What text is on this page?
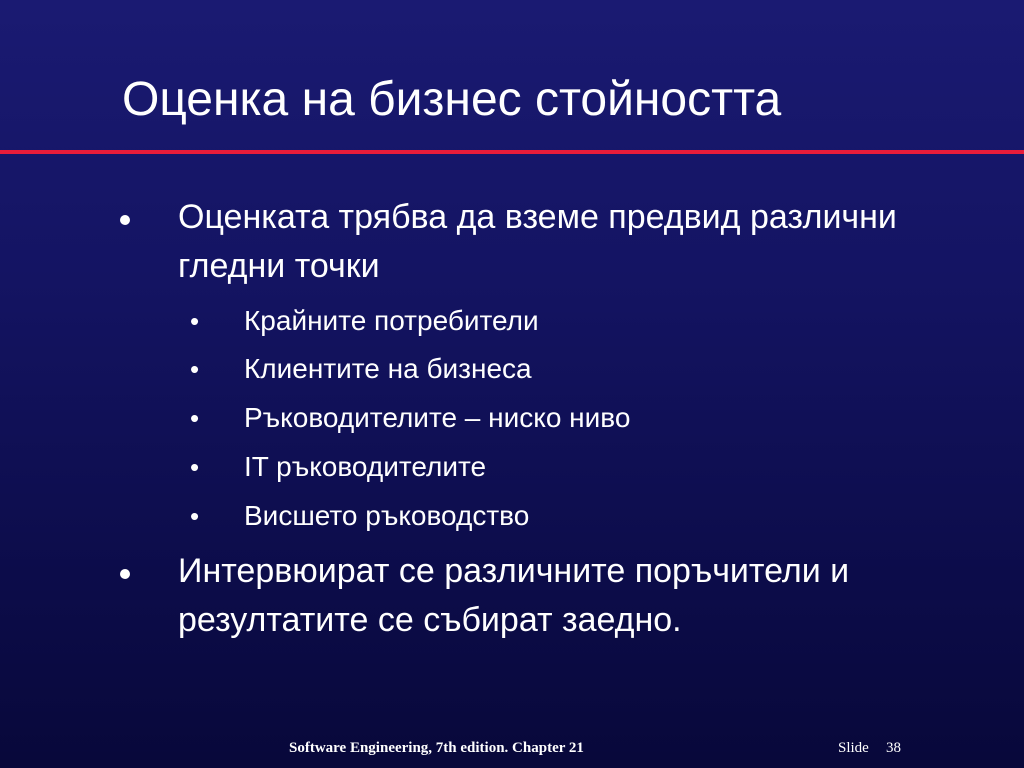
Оценка на бизнес стойността
Оценката трябва да вземе предвид различни гледни точки
• Крайните потребители
• Клиентите на бизнеса
• Ръководителите – ниско ниво
• IT ръководителите
• Висшето ръководство
Интервюират се различните поръчители и резултатите се събират заедно.
Software Engineering, 7th edition. Chapter 21	Slide 38
